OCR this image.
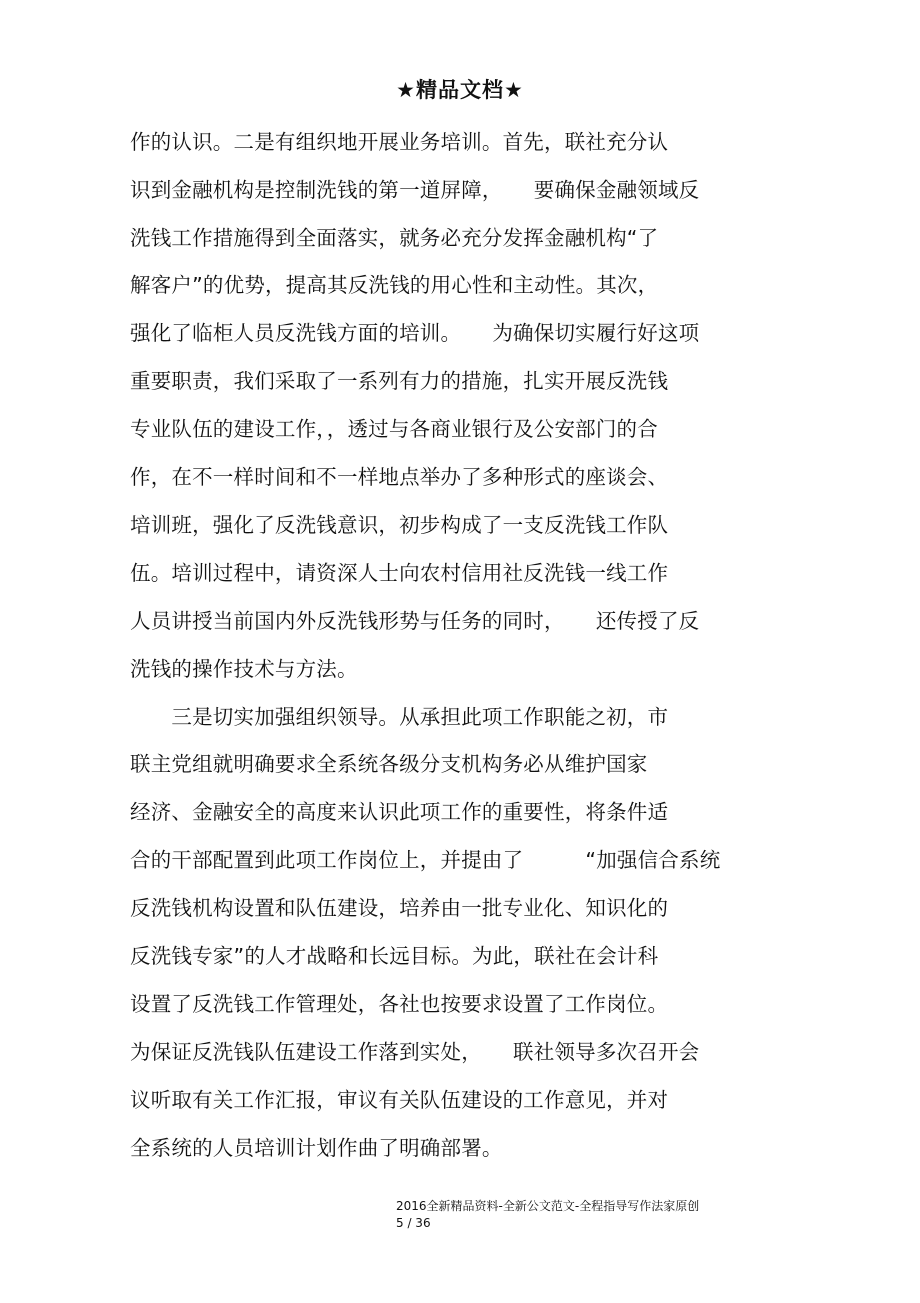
★精品文档★
作的认识。二是有组织地开展业务培训。首先，联社充分认
识到金融机构是控制洗钱的第一道屏障，　　要确保金融领域反
洗钱工作措施得到全面落实，就务必充分发挥金融机构“了
解客户”的优势，提高其反洗钱的用心性和主动性。其次，
强化了临柜人员反洗钱方面的培训。　　为确保切实履行好这项
重要职责，我们采取了一系列有力的措施，扎实开展反洗钱
专业队伍的建设工作，，透过与各商业银行及公安部门的合
作，在不一样时间和不一样地点举办了多种形式的座谈会、
培训班，强化了反洗钱意识，初步构成了一支反洗钱工作队
伍。培训过程中，请资深人士向农村信用社反洗钱一线工作
人员讲授当前国内外反洗钱形势与任务的同时，　　还传授了反
洗钱的操作技术与方法。
　　三是切实加强组织领导。从承担此项工作职能之初，市
联主党组就明确要求全系统各级分支机构务必从维护国家
经济、金融安全的高度来认识此项工作的重要性，将条件适
合的干部配置到此项工作岗位上，并提由了　　　“加强信合系统
反洗钱机构设置和队伍建设，培养由一批专业化、知识化的
反洗钱专家”的人才战略和长远目标。为此，联社在会计科
设置了反洗钱工作管理处，各社也按要求设置了工作岗位。
为保证反洗钱队伍建设工作落到实处，　　联社领导多次召开会
议听取有关工作汇报，审议有关队伍建设的工作意见，并对
全系统的人员培训计划作曲了明确部署。
2016全新精品资料-全新公文范文-全程指导写作法家原创
5 / 36
